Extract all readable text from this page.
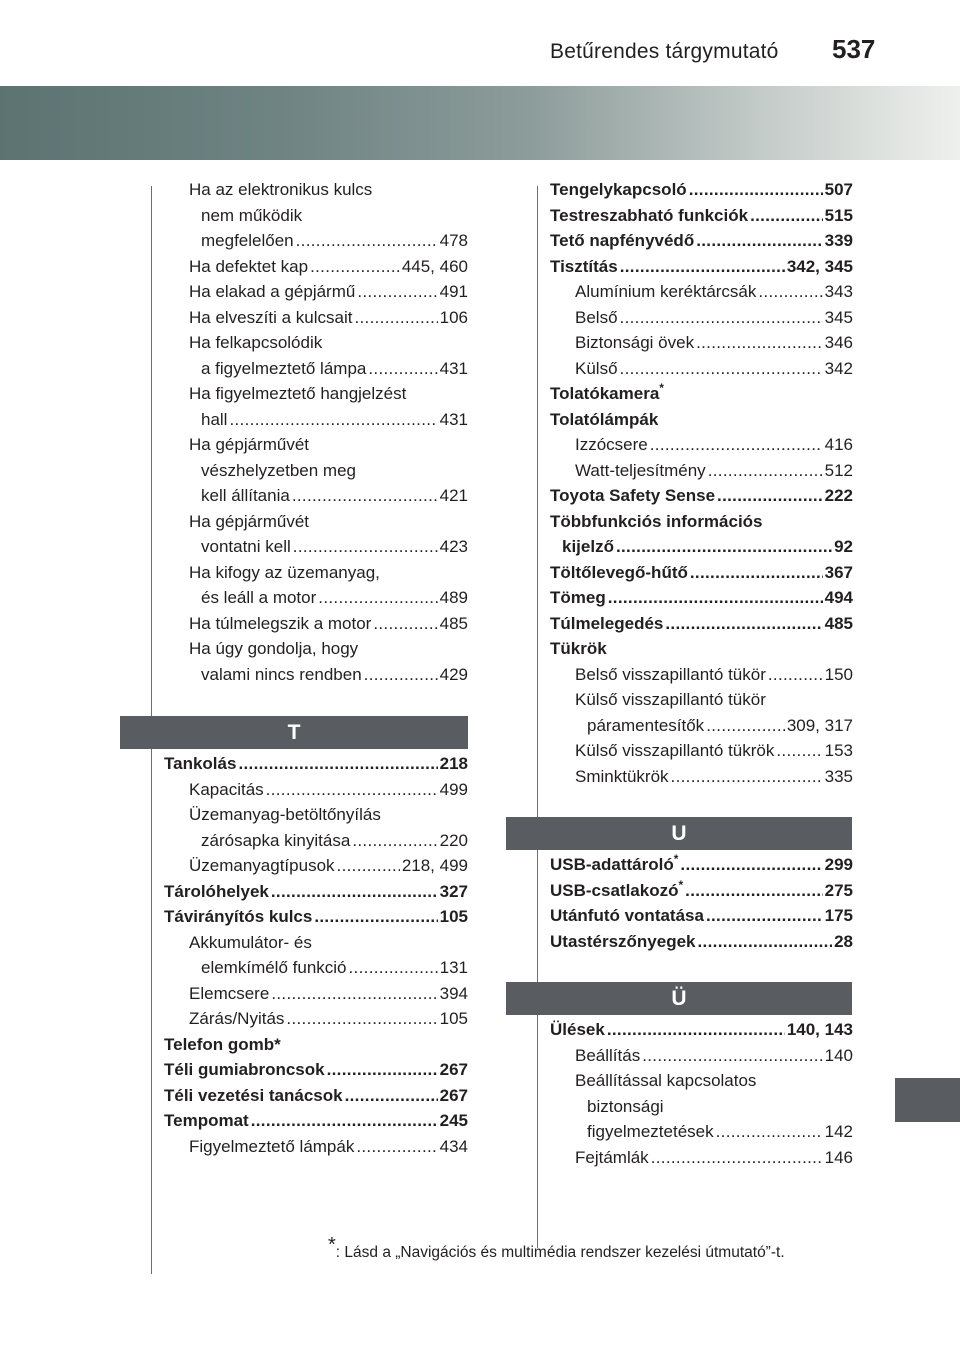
Betűrendes tárgymutató 537
Ha az elektronikus kulcs
nem működik
megfelelően . . .	478
Ha defektet kap . . .	445, 460
Ha elakad a gépjármű . . .	491
Ha elveszíti a kulcsait . . .	106
Ha felkapcsolódik
a figyelmeztető lámpa . . .	431
Ha figyelmeztető hangjelzést
hall . . .	431
Ha gépjárművét
vészhelyzetben meg
kell állítania . . .	421
Ha gépjárművét
vontatni kell . . .	423
Ha kifogy az üzemanyag,
és leáll a motor . . .	489
Ha túlmelegszik a motor . . .	485
Ha úgy gondolja, hogy
valami nincs rendben . . .	429
T
Tankolás . . .	218
Kapacitás . . .	499
Üzemanyag-betöltőnyílás
zárósapka kinyitása . . .	220
Üzemanyagtípusok . . .	218, 499
Tárolóhelyek . . .	327
Távirányítós kulcs . . .	105
Akkumulátor- és
elemkímélő funkció . . .	131
Elemcsere . . .	394
Zárás/Nyitás . . .	105
Telefon gomb*
Téli gumiabroncsok . . .	267
Téli vezetési tanácsok . . .	267
Tempomat . . .	245
Figyelmeztető lámpák . . .	434
Tengelykapcsoló . . .	507
Testreszabható funkciók . . .	515
Tető napfényvédő . . .	339
Tisztítás . . .	342, 345
Alumínium keréktárcsák . . .	343
Belső . . .	345
Biztonsági övek . . .	346
Külső . . .	342
Tolatókamera*
Tolatólámpák
Izzócsere . . .	416
Watt-teljesítmény . . .	512
Toyota Safety Sense . . .	222
Többfunkciós információs
kijelző . . .	92
Töltőlevegő-hűtő . . .	367
Tömeg . . .	494
Túlmelegedés . . .	485
Tükrök
Belső visszapillantó tükör . . .	150
Külső visszapillantó tükör
páramentesítők . . .	309, 317
Külső visszapillantó tükrök . . .	153
Sminktükrök . . .	335
U
USB-adattároló* . . .	299
USB-csatlakozó* . . .	275
Utánfutó vontatása . . .	175
Utastérszőnyegek . . .	28
Ü
Ülések . . .	140, 143
Beállítás . . .	140
Beállítással kapcsolatos
biztonsági
figyelmeztetések . . .	142
Fejtámlák . . .	146
*: Lásd a „Navigációs és multimédia rendszer kezelési útmutató”-t.
